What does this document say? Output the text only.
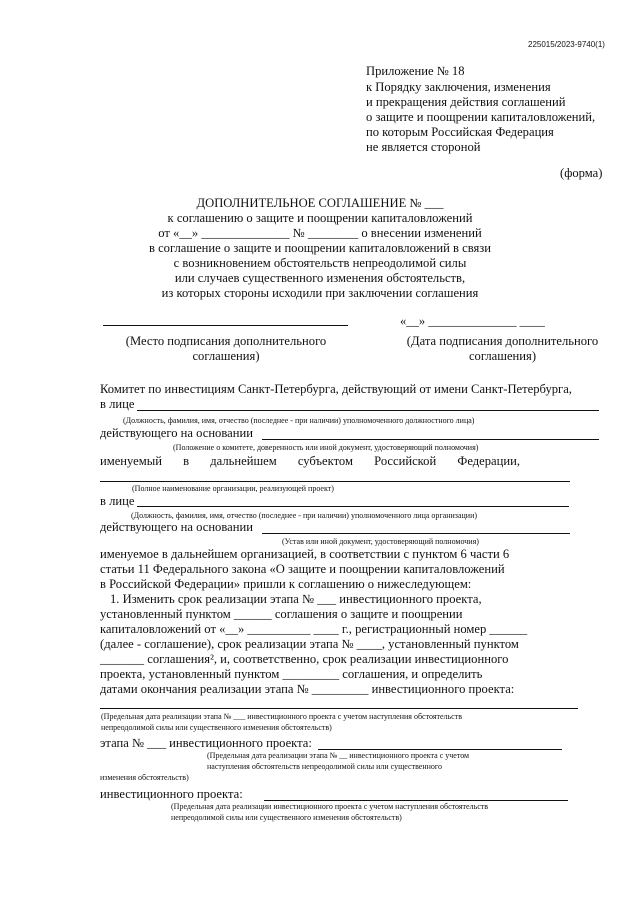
225015/2023-9740(1)
Приложение № 18
к Порядку заключения, изменения
и прекращения действия соглашений
о защите и поощрении капиталовложений,
по которым Российская Федерация
не является стороной
(форма)
ДОПОЛНИТЕЛЬНОЕ СОГЛАШЕНИЕ № ___
к соглашению о защите и поощрении капиталовложений
от «__» ______________ № ________ о внесении изменений
в соглашение о защите и поощрении капиталовложений в связи
с возникновением обстоятельств непреодолимой силы
или случаев существенного изменения обстоятельств,
из которых стороны исходили при заключении соглашения
«__» ______________ ____
(Место подписания дополнительного
соглашения)
(Дата подписания дополнительного
соглашения)
Комитет по инвестициям Санкт-Петербурга, действующий от имени Санкт-Петербурга,
в лице
(Должность, фамилия, имя, отчество (последнее - при наличии) уполномоченного должностного лица)
действующего на основании
(Положение о комитете, доверенность или иной документ, удостоверяющий полномочия)
именуемый в дальнейшем субъектом Российской Федерации,
(Полное наименование организации, реализующей проект)
в лице
(Должность, фамилия, имя, отчество (последнее - при наличии) уполномоченного лица организации)
действующего на основании
(Устав или иной документ, удостоверяющий полномочия)
именуемое в дальнейшем организацией, в соответствии с пунктом 6 части 6
статьи 11 Федерального закона «О защите и поощрении капиталовложений
в Российской Федерации» пришли к соглашению о нижеследующем:
1. Изменить срок реализации этапа № ___ инвестиционного проекта,
установленный пунктом ______ соглашения о защите и поощрении
капиталовложений от «__» __________ ____ г., регистрационный номер ______
(далее - соглашение), срок реализации этапа № ____, установленный пунктом
_______ соглашения², и, соответственно, срок реализации инвестиционного
проекта, установленный пунктом _________ соглашения, и определить
датами окончания реализации этапа № _________ инвестиционного проекта:
(Предельная дата реализации этапа № ___ инвестиционного проекта с учетом наступления обстоятельств
непреодолимой силы или существенного изменения обстоятельств)
этапа № ___ инвестиционного проекта:
(Предельная дата реализации этапа № __ инвестиционного проекта с учетом
наступления обстоятельств непреодолимой силы или существенного
изменения обстоятельств)
инвестиционного проекта:
(Предельная дата реализации инвестиционного проекта с учетом наступления обстоятельств
непреодолимой силы или существенного изменения обстоятельств)
